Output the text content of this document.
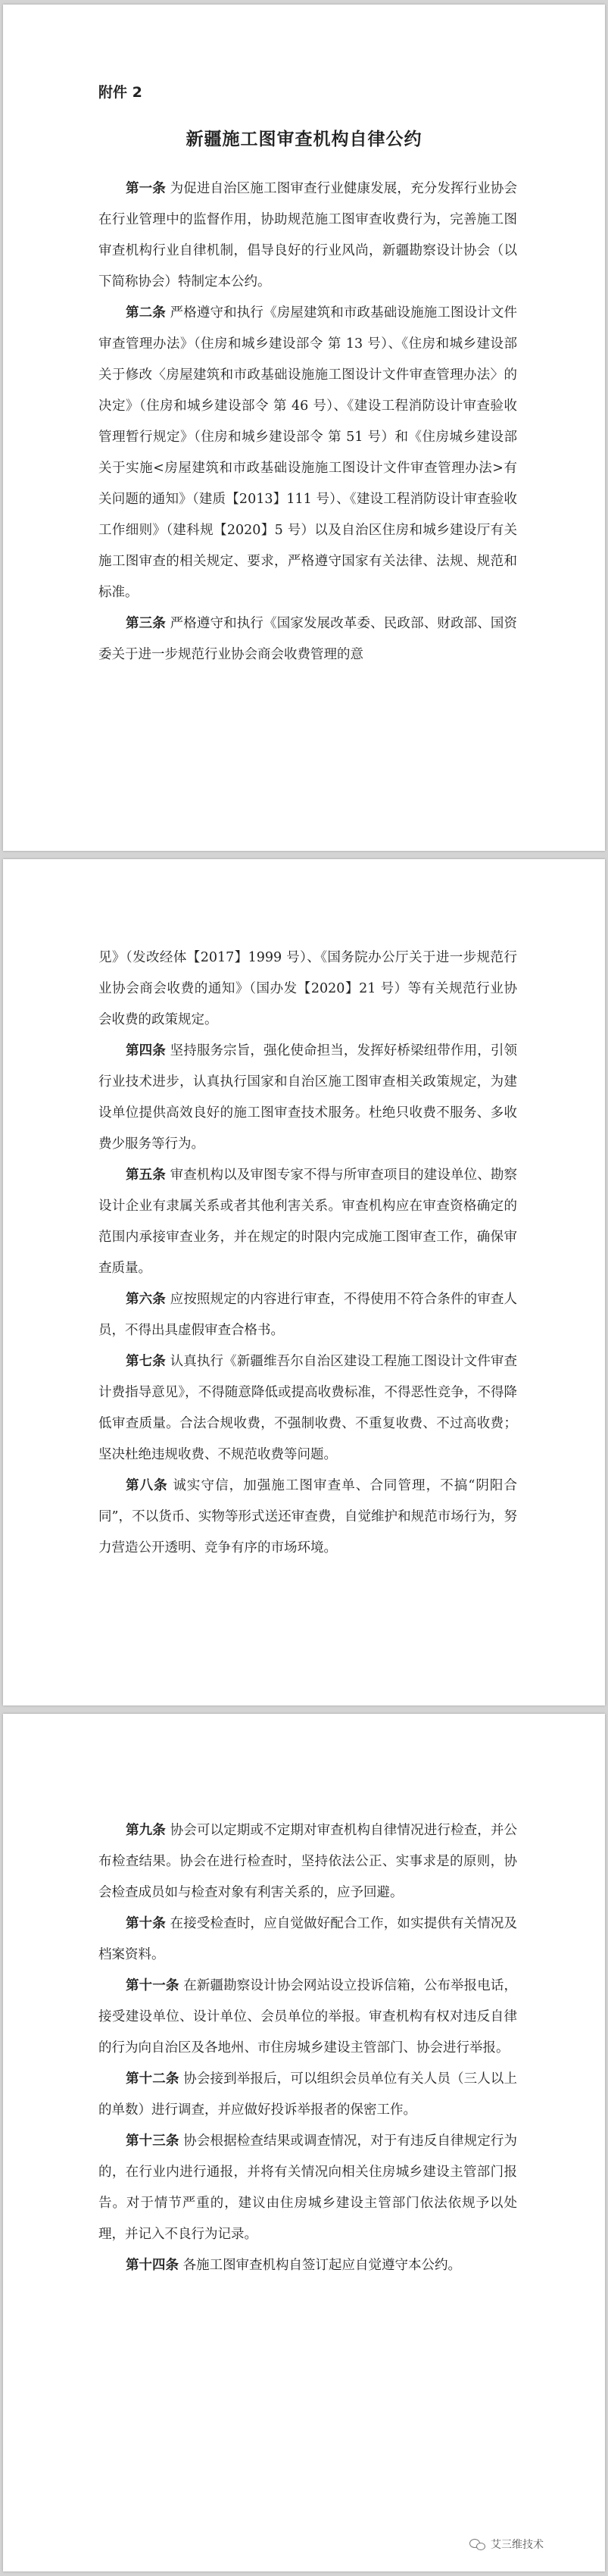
附件 2
新疆施工图审查机构自律公约

第一条 为促进自治区施工图审查行业健康发展，充分发挥行业协会在行业管理中的监督作用，协助规范施工图审查收费行为，完善施工图审查机构行业自律机制，倡导良好的行业风尚，新疆勘察设计协会（以下简称协会）特制定本公约。

第二条 严格遵守和执行《房屋建筑和市政基础设施施工图设计文件审查管理办法》（住房和城乡建设部令 第 13 号）、《住房和城乡建设部关于修改〈房屋建筑和市政基础设施施工图设计文件审查管理办法〉的决定》（住房和城乡建设部令 第 46 号）、《建设工程消防设计审查验收管理暂行规定》（住房和城乡建设部令 第 51 号）和《住房城乡建设部关于实施<房屋建筑和市政基础设施施工图设计文件审查管理办法>有关问题的通知》（建质【2013】111 号）、《建设工程消防设计审查验收工作细则》（建科规【2020】5 号）以及自治区住房和城乡建设厅有关施工图审查的相关规定、要求，严格遵守国家有关法律、法规、规范和标准。

第三条 严格遵守和执行《国家发展改革委、民政部、财政部、国资委关于进一步规范行业协会商会收费管理的意

见》（发改经体【2017】1999 号）、《国务院办公厅关于进一步规范行业协会商会收费的通知》（国办发【2020】21 号）等有关规范行业协会收费的政策规定。

第四条 坚持服务宗旨，强化使命担当，发挥好桥梁纽带作用，引领行业技术进步，认真执行国家和自治区施工图审查相关政策规定，为建设单位提供高效良好的施工图审查技术服务。杜绝只收费不服务、多收费少服务等行为。

第五条 审查机构以及审图专家不得与所审查项目的建设单位、勘察设计企业有隶属关系或者其他利害关系。审查机构应在审查资格确定的范围内承接审查业务，并在规定的时限内完成施工图审查工作，确保审查质量。

第六条 应按照规定的内容进行审查，不得使用不符合条件的审查人员，不得出具虚假审查合格书。

第七条 认真执行《新疆维吾尔自治区建设工程施工图设计文件审查计费指导意见》，不得随意降低或提高收费标准，不得恶性竞争，不得降低审查质量。合法合规收费，不强制收费、不重复收费、不过高收费；坚决杜绝违规收费、不规范收费等问题。

第八条 诚实守信，加强施工图审查单、合同管理，不搞“阴阳合同”，不以货币、实物等形式送还审查费，自觉维护和规范市场行为，努力营造公开透明、竞争有序的市场环境。

第九条 协会可以定期或不定期对审查机构自律情况进行检查，并公布检查结果。协会在进行检查时，坚持依法公正、实事求是的原则，协会检查成员如与检查对象有利害关系的，应予回避。

第十条 在接受检查时，应自觉做好配合工作，如实提供有关情况及档案资料。

第十一条 在新疆勘察设计协会网站设立投诉信箱，公布举报电话，接受建设单位、设计单位、会员单位的举报。审查机构有权对违反自律的行为向自治区及各地州、市住房城乡建设主管部门、协会进行举报。

第十二条 协会接到举报后，可以组织会员单位有关人员（三人以上的单数）进行调查，并应做好投诉举报者的保密工作。

第十三条 协会根据检查结果或调查情况，对于有违反自律规定行为的，在行业内进行通报，并将有关情况向相关住房城乡建设主管部门报告。对于情节严重的，建议由住房城乡建设主管部门依法依规予以处理，并记入不良行为记录。

第十四条 各施工图审查机构自签订起应自觉遵守本公约。

艾三维技术
